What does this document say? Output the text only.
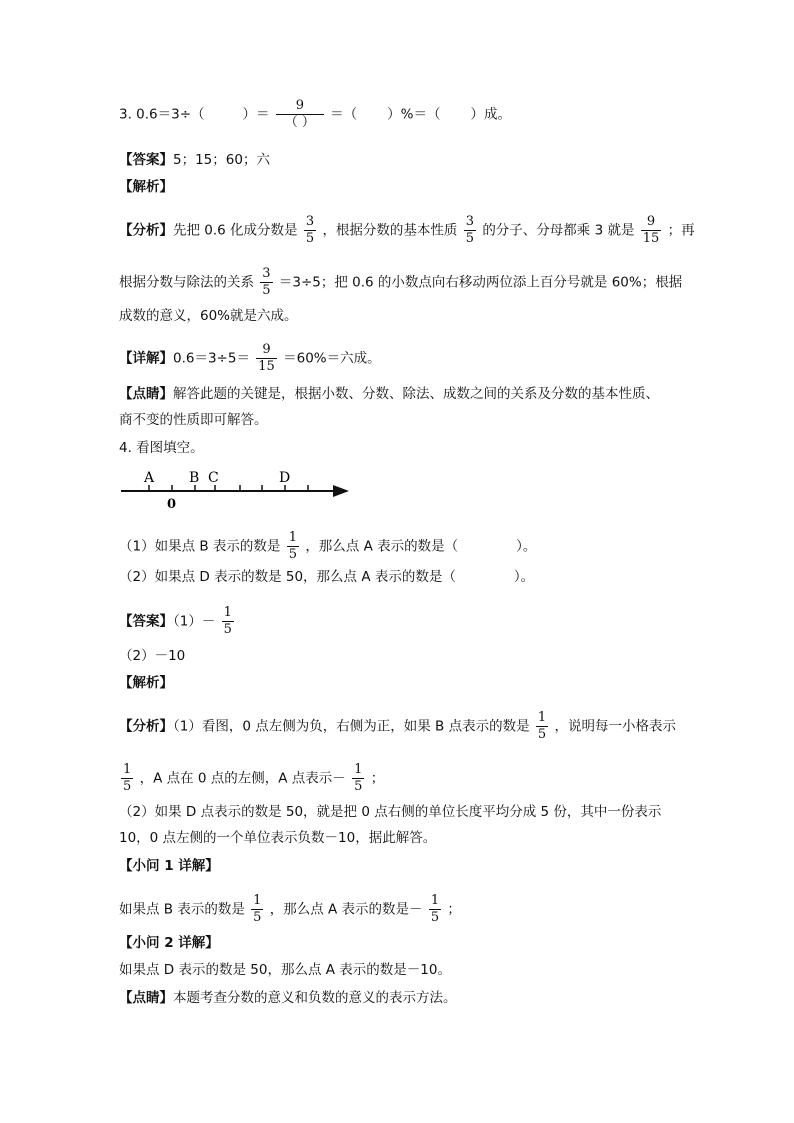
3. 0.6＝3÷（	）＝ $\frac{9}{( )}$ ＝（ ）%＝（ ）成。
【答案】5；15；60；六
【解析】
【分析】先把 0.6 化成分数是 $\frac{3}{5}$ ，根据分数的基本性质 $\frac{3}{5}$ 的分子、分母都乘 3 就是 $\frac{9}{15}$ ；再
根据分数与除法的关系 $\frac{3}{5} =3\div 5$；把 0.6 的小数点向右移动两位添上百分号就是 60%；根据
成数的意义，60%就是六成。
【详解】$0.6=3\div 5= \frac{9}{15} =60\%=$六成。
【点睛】解答此题的关键是，根据小数、分数、除法、成数之间的关系及分数的基本性质、
商不变的性质即可解答。
4. 看图填空。
A B C	D
0
（1）如果点 B 表示的数是 $\frac{1}{5}$ ，那么点 A 表示的数是（	）。
（2）如果点 D 表示的数是 50，那么点 A 表示的数是（	）。
【答案】$(1)- \frac{1}{5}$
（2）－10
【解析】
【分析】（1）看图，0 点左侧为负，右侧为正，如果 B 点表示的数是 $\frac{1}{5}$ ，说明每一小格表示
$\frac{1}{5}$ ，A 点在 0 点的左侧，A 点表示－ $\frac{1}{5}$ ；
（2）如果 D 点表示的数是 50，就是把 0 点右侧的单位长度平均分成 5 份，其中一份表示
10，0 点左侧的一个单位表示负数－10，据此解答。
【小问 1 详解】
如果点 B 表示的数是 $\frac{1}{5}$ ，那么点 A 表示的数是－ $\frac{1}{5}$ ；
【小问 2 详解】
如果点 D 表示的数是 50，那么点 A 表示的数是－10。
【点睛】本题考查分数的意义和负数的意义的表示方法。
